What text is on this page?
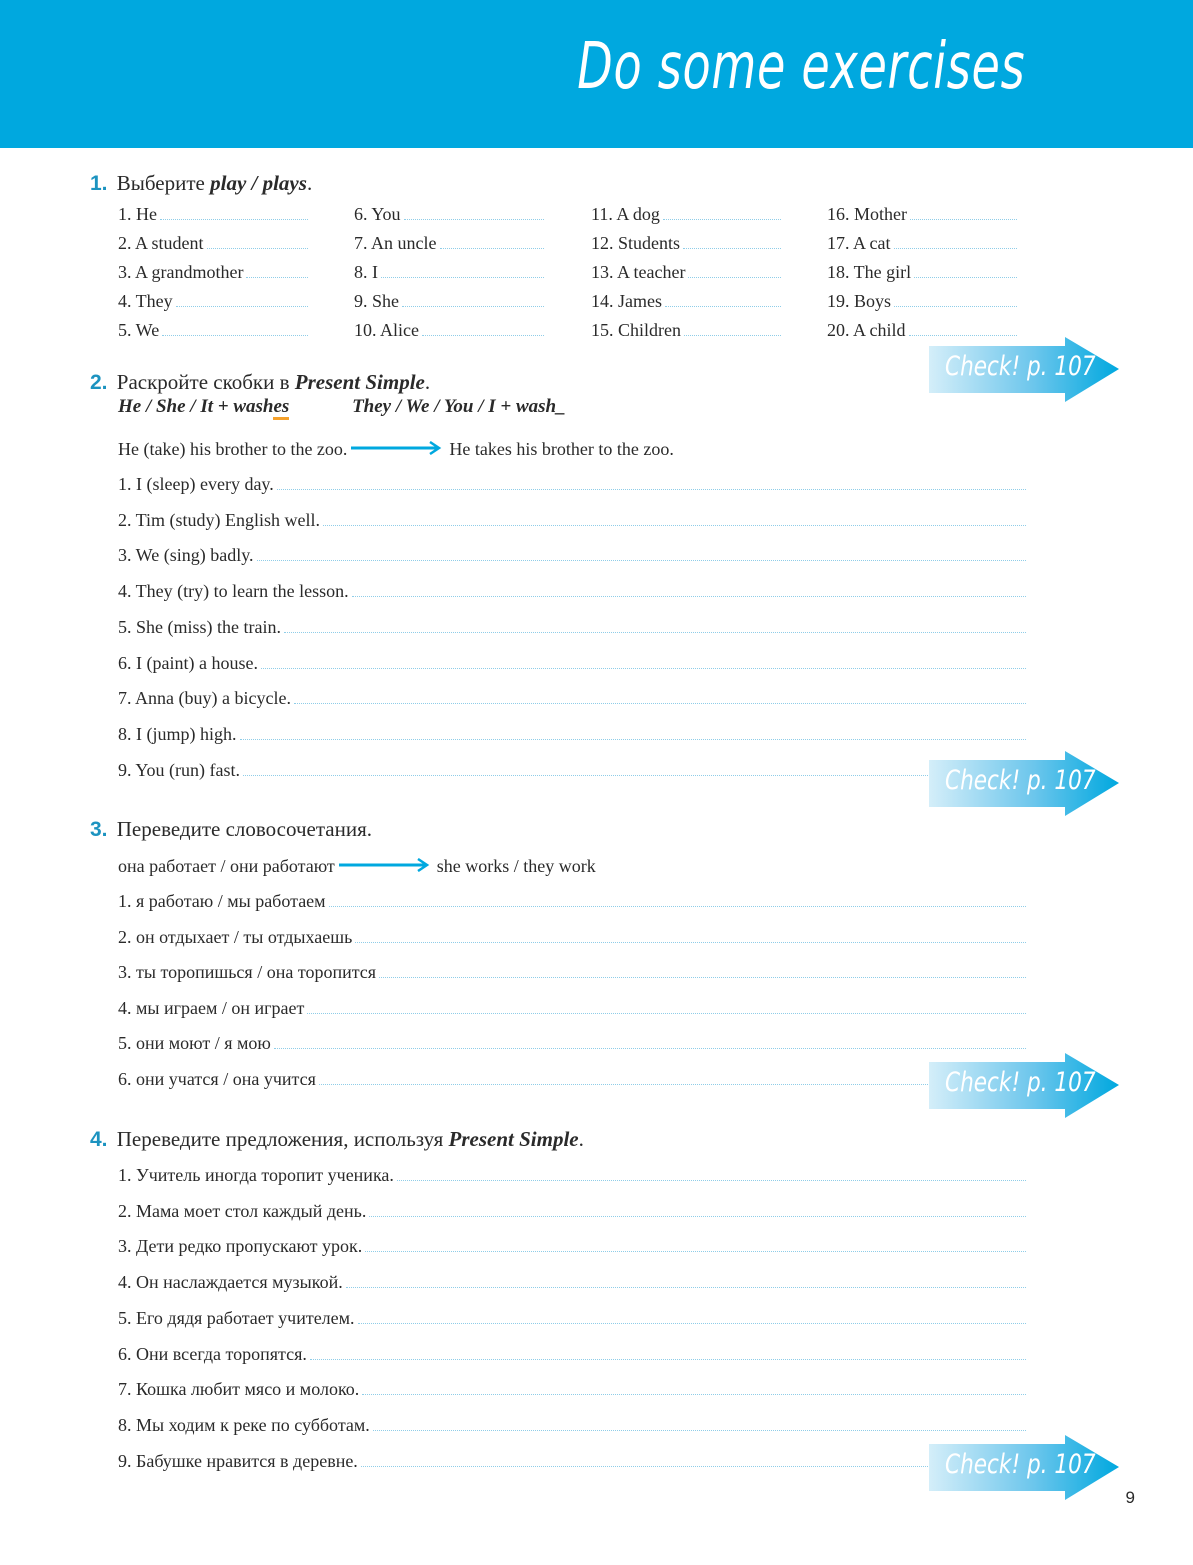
Do some exercises
1. Выберите play / plays.
1. He
2. A student
3. A grandmother
4. They
5. We
6. You
7. An uncle
8. I
9. She
10. Alice
11. A dog
12. Students
13. A teacher
14. James
15. Children
16. Mother
17. A cat
18. The girl
19. Boys
20. A child
2. Раскройте скобки в Present Simple.
He / She / It + washes	They / We / You / I + wash_
He (take) his brother to the zoo.	He takes his brother to the zoo.
1. I (sleep) every day.
2. Tim (study) English well.
3. We (sing) badly.
4. They (try) to learn the lesson.
5. She (miss) the train.
6. I (paint) a house.
7. Anna (buy) a bicycle.
8. I (jump) high.
9. You (run) fast.
3. Переведите словосочетания.
она работает / они работают	she works / they work
1. я работаю / мы работаем
2. он отдыхает / ты отдыхаешь
3. ты торопишься / она торопится
4. мы играем / он играет
5. они моют / я мою
6. они учатся / она учится
4. Переведите предложения, используя Present Simple.
1. Учитель иногда торопит ученика.
2. Мама моет стол каждый день.
3. Дети редко пропускают урок.
4. Он наслаждается музыкой.
5. Его дядя работает учителем.
6. Они всегда торопятся.
7. Кошка любит мясо и молоко.
8. Мы ходим к реке по субботам.
9. Бабушке нравится в деревне.
Check! p. 107
Check! p. 107
Check! p. 107
Check! p. 107
9
